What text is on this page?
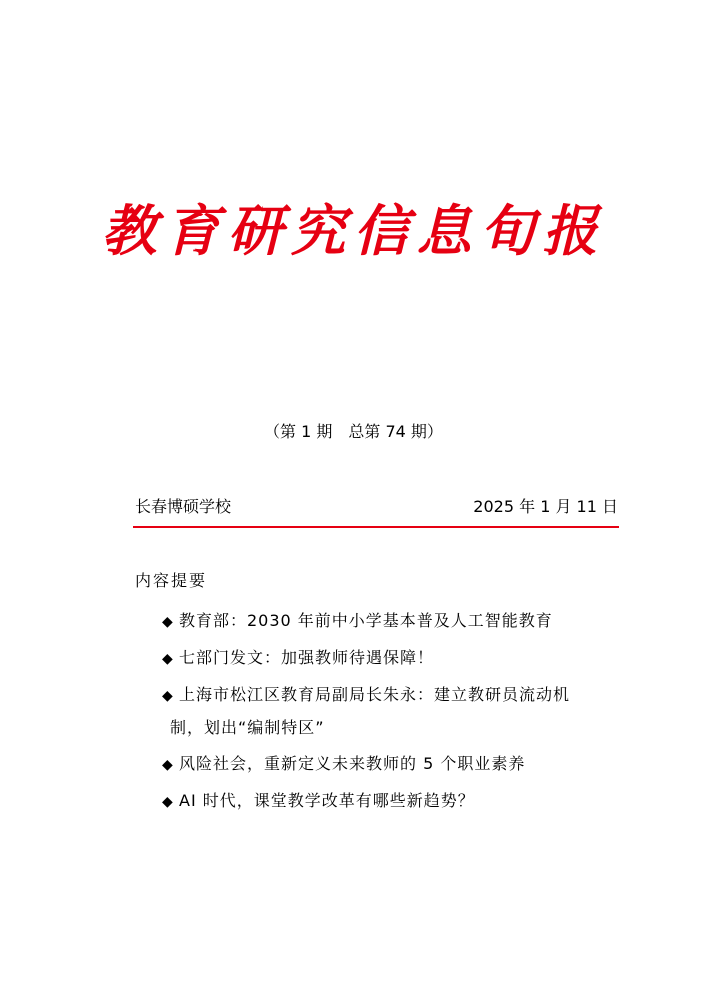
教育研究信息旬报
（第 1 期　总第 74 期）
长春博硕学校	2025 年 1 月 11 日
内容提要
◆ 教育部：2030 年前中小学基本普及人工智能教育
◆ 七部门发文：加强教师待遇保障！
◆ 上海市松江区教育局副局长朱永：建立教研员流动机
制，划出“编制特区”
◆ 风险社会，重新定义未来教师的 5 个职业素养
◆ AI 时代，课堂教学改革有哪些新趋势？
